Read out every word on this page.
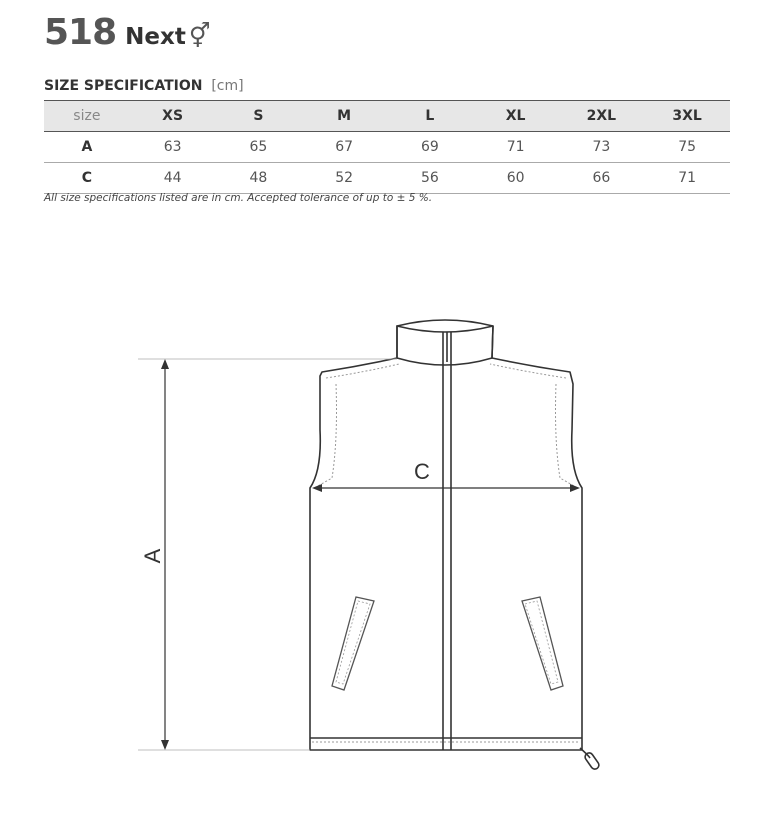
518 Next ⚥
SIZE SPECIFICATION [cm]
size	XS	S	M	L	XL	2XL	3XL
A	63	65	67	69	71	73	75
C	44	48	52	56	60	66	71
All size specifications listed are in cm. Accepted tolerance of up to ± 5 %.
A
C
